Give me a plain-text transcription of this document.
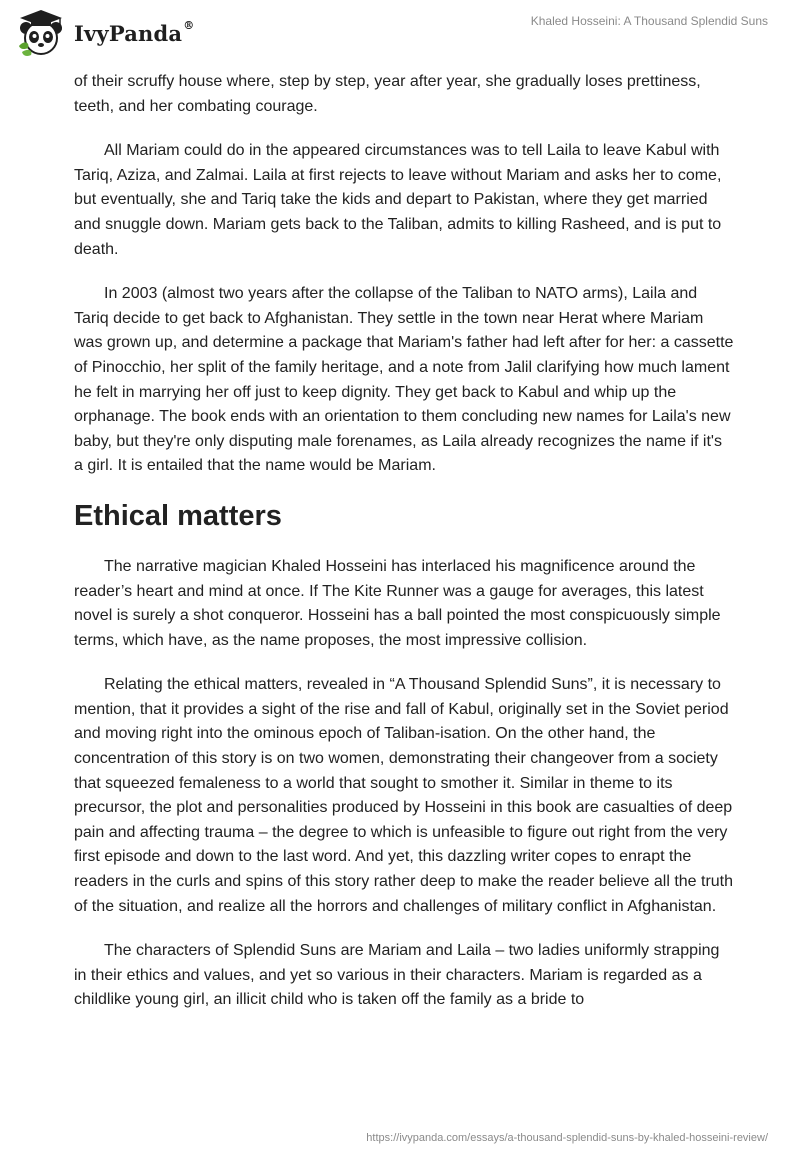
IvyPanda®	Khaled Hosseini: A Thousand Splendid Suns

of their scruffy house where, step by step, year after year, she gradually loses prettiness, teeth, and her combating courage.

All Mariam could do in the appeared circumstances was to tell Laila to leave Kabul with Tariq, Aziza, and Zalmai. Laila at first rejects to leave without Mariam and asks her to come, but eventually, she and Tariq take the kids and depart to Pakistan, where they get married and snuggle down. Mariam gets back to the Taliban, admits to killing Rasheed, and is put to death.

In 2003 (almost two years after the collapse of the Taliban to NATO arms), Laila and Tariq decide to get back to Afghanistan. They settle in the town near Herat where Mariam was grown up, and determine a package that Mariam's father had left after for her: a cassette of Pinocchio, her split of the family heritage, and a note from Jalil clarifying how much lament he felt in marrying her off just to keep dignity. They get back to Kabul and whip up the orphanage. The book ends with an orientation to them concluding new names for Laila's new baby, but they're only disputing male forenames, as Laila already recognizes the name if it's a girl. It is entailed that the name would be Mariam.

Ethical matters

The narrative magician Khaled Hosseini has interlaced his magnificence around the reader’s heart and mind at once. If The Kite Runner was a gauge for averages, this latest novel is surely a shot conqueror. Hosseini has a ball pointed the most conspicuously simple terms, which have, as the name proposes, the most impressive collision.

Relating the ethical matters, revealed in “A Thousand Splendid Suns”, it is necessary to mention, that it provides a sight of the rise and fall of Kabul, originally set in the Soviet period and moving right into the ominous epoch of Taliban-isation. On the other hand, the concentration of this story is on two women, demonstrating their changeover from a society that squeezed femaleness to a world that sought to smother it. Similar in theme to its precursor, the plot and personalities produced by Hosseini in this book are casualties of deep pain and affecting trauma – the degree to which is unfeasible to figure out right from the very first episode and down to the last word. And yet, this dazzling writer copes to enrapt the readers in the curls and spins of this story rather deep to make the reader believe all the truth of the situation, and realize all the horrors and challenges of military conflict in Afghanistan.

The characters of Splendid Suns are Mariam and Laila – two ladies uniformly strapping in their ethics and values, and yet so various in their characters. Mariam is regarded as a childlike young girl, an illicit child who is taken off the family as a bride to

https://ivypanda.com/essays/a-thousand-splendid-suns-by-khaled-hosseini-review/
